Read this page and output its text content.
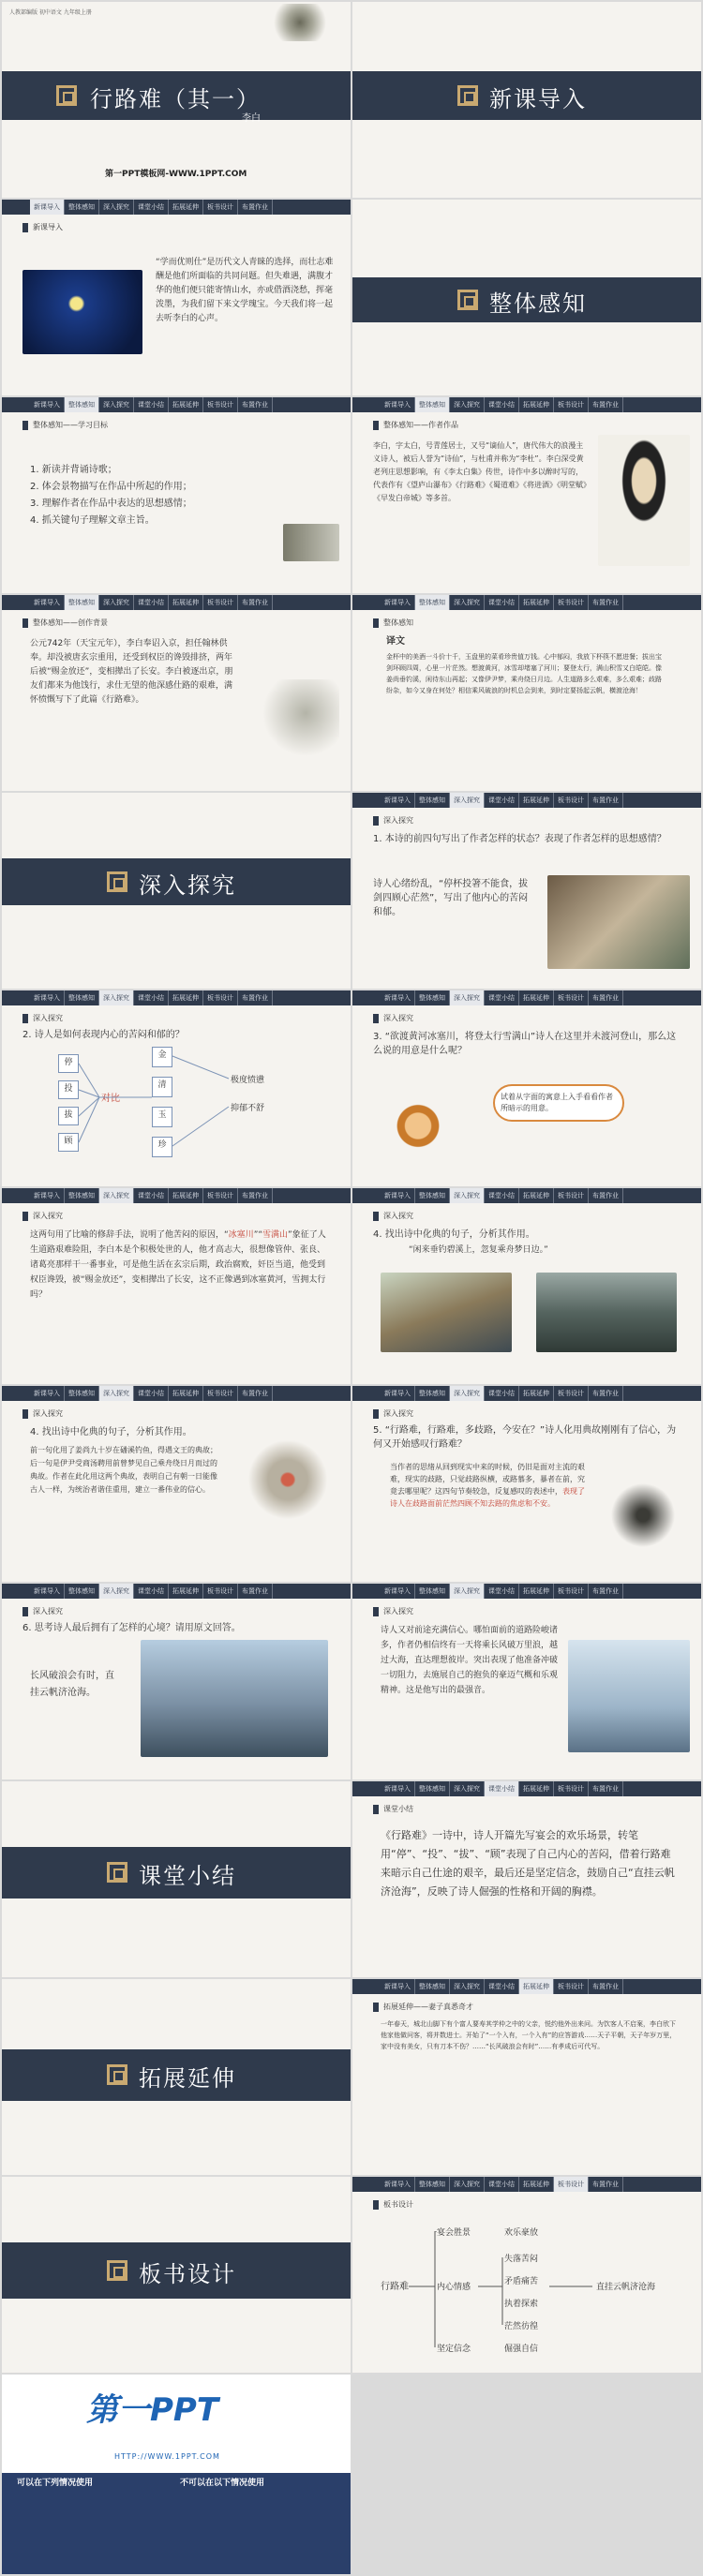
人教部编版 初中语文 九年级上册
行路难（其一）
李白
第一PPT模板网-WWW.1PPT.COM
新课导入
新课导入	整体感知	深入探究	课堂小结	拓展延伸	板书设计	布置作业
新课导入
“学而优则仕”是历代文人青睐的选择，而壮志难酬是他们所面临的共同问题。但失难遇，满腹才华的他们便只能寄情山水，亦或借酒浇愁，挥毫泼墨，为我们留下来文学瑰宝。今天我们将一起去听李白的心声。
整体感知
新课导入	整体感知	深入探究	课堂小结	拓展延伸	板书设计	布置作业
整体感知——学习目标
1. 新读并背诵诗歌；
2. 体会景物描写在作品中所起的作用；
3. 理解作者在作品中表达的思想感情；
4. 抓关键句子理解文章主旨。
新课导入	整体感知	深入探究	课堂小结	拓展延伸	板书设计	布置作业
整体感知——作者作品
李白，字太白，号青莲居士，又号“谪仙人”，唐代伟大的浪漫主义诗人，被后人誉为“诗仙”，与杜甫并称为“李杜”。李白深受黄老列庄思想影响，有《李太白集》传世，诗作中多以醉时写的，代表作有《望庐山瀑布》《行路难》《蜀道难》《将进酒》《明堂赋》《早发白帝城》等多首。
新课导入	整体感知	深入探究	课堂小结	拓展延伸	板书设计	布置作业
整体感知——创作背景
公元742年（天宝元年），李白奉诏入京，担任翰林供奉。却没被唐玄宗重用，还受到权臣的谗毁排挤，两年后被“赐金放还”，变相撵出了长安。李白被逐出京，朋友们都来为他饯行，求仕无望的他深感仕路的艰难，满怀愤慨写下了此篇《行路难》。
新课导入	整体感知	深入探究	课堂小结	拓展延伸	板书设计	布置作业
整体感知
译文
金杯中的美酒一斗价十千，玉盘里的菜肴珍贵值万钱。心中郁闷，我放下杯筷不愿进餐；拔出宝剑环顾四周，心里一片茫然。想渡黄河，冰雪却堵塞了河川；要登太行，满山积雪又白皑皑。像姜尚垂钓溪，闲待东山再起；又像伊尹梦，乘舟绕日月边。人生道路多么艰难，多么艰难；歧路纷杂，如今又身在何处？相信乘风破浪的时机总会到来，到时定要扬起云帆，横渡沧海！
深入探究
新课导入	整体感知	深入探究	课堂小结	拓展延伸	板书设计	布置作业
深入探究
1. 本诗的前四句写出了作者怎样的状态？表现了作者怎样的思想感情？
诗人心绪纷乱，“停杯投箸不能食，拔剑四顾心茫然”，写出了他内心的苦闷和郁。
新课导入	整体感知	深入探究	课堂小结	拓展延伸	板书设计	布置作业
深入探究
2. 诗人是如何表现内心的苦闷和郁的？
停
投
拔
顾
对比
金
清
玉
珍
极度愤懑
抑郁不舒
新课导入	整体感知	深入探究	课堂小结	拓展延伸	板书设计	布置作业
深入探究
3. “欲渡黄河冰塞川，将登太行雪满山”诗人在这里并未渡河登山，那么这么说的用意是什么呢？
试着从字面的寓意上入手看看作者所暗示的用意。
新课导入	整体感知	深入探究	课堂小结	拓展延伸	板书设计	布置作业
深入探究
这两句用了比喻的修辞手法，说明了他苦闷的原因，“冰塞川”“雪满山”象征了人生道路艰难险阻，李白本是个积极处世的人，他才高志大，很想像管仲、张良、诸葛亮那样干一番事业，可是他生活在玄宗后期，政治腐败，奸臣当道，他受到权臣谗毁，被“赐金放还”，变相撵出了长安，这不正像遇到冰塞黄河，雪拥太行吗？
新课导入	整体感知	深入探究	课堂小结	拓展延伸	板书设计	布置作业
深入探究
4. 找出诗中化典的句子，分析其作用。
“闲来垂钓碧溪上，忽复乘舟梦日边。”
新课导入	整体感知	深入探究	课堂小结	拓展延伸	板书设计	布置作业
深入探究
4. 找出诗中化典的句子，分析其作用。
前一句化用了姜尚九十岁在磻溪钓鱼，得遇文王的典故；后一句是伊尹受商汤聘用前曾梦见自己乘舟绕日月而过的典故。作者在此化用这两个典故，表明自己有朝一日能像古人一样，为统治者谐佳重用，建立一番伟业的信心。
新课导入	整体感知	深入探究	课堂小结	拓展延伸	板书设计	布置作业
深入探究
5. “行路难，行路难，多歧路，今安在？”诗人化用典故刚刚有了信心，为何又开始感叹行路难？
当作者的思绪从回到现实中来的时候，仍旧是面对主流的艰难，现实的歧路，只觉歧路纵横，或路慕多，暴者在前，究竟去哪里呢？这四句节奏较急，反复感叹的表述中，表现了诗人在歧路面前茫然四顾不知去路的焦虑和不安。
新课导入	整体感知	深入探究	课堂小结	拓展延伸	板书设计	布置作业
深入探究
6. 思考诗人最后拥有了怎样的心境？请用原文回答。
长风破浪会有时，直挂云帆济沧海。
新课导入	整体感知	深入探究	课堂小结	拓展延伸	板书设计	布置作业
深入探究
诗人又对前途充满信心。哪怕面前的道路险峻诸多，作者仍相信终有一天将乘长风破万里浪，越过大海，直达理想彼岸。突出表现了他准备冲破一切阻力，去施展自己的抱负的豪迈气概和乐观精神。这是他写出的最强音。
课堂小结
新课导入	整体感知	深入探究	课堂小结	拓展延伸	板书设计	布置作业
课堂小结
《行路难》一诗中，诗人开篇先写宴会的欢乐场景，转笔用“停”、“投”、“拔”、“顾”表现了自己内心的苦闷，借着行路难来暗示自己仕途的艰辛，最后还是坚定信念，鼓励自己“直挂云帆济沧海”，反映了诗人倔强的性格和开阔的胸襟。
拓展延伸
新课导入	整体感知	深入探究	课堂小结	拓展延伸	板书设计	布置作业
拓展延伸——妻子真悉奇才
一年春天，城北山脚下有个富人要寿其学仲之中的父亲，悦约他外出来问。为饮客人不启案，李白欣下他家他做问客，将并数进士。开始了“一个入有，一个入有”的应答游戏……天子平朝，天子年岁万里，家中没有美女，只有刀本不伤？……“长风破浪会有时”……有孝成后可代写。
板书设计
新课导入	整体感知	深入探究	课堂小结	拓展延伸	板书设计	布置作业
板书设计
行路难
宴会胜景
内心情感
坚定信念
欢乐豪放
失落苦闷
矛盾痛苦
执着探索
茫然彷徨
倔强自信
直挂云帆济沧海
第一PPT
HTTP://WWW.1PPT.COM
可以在下列情况使用	不可以在以下情况使用
